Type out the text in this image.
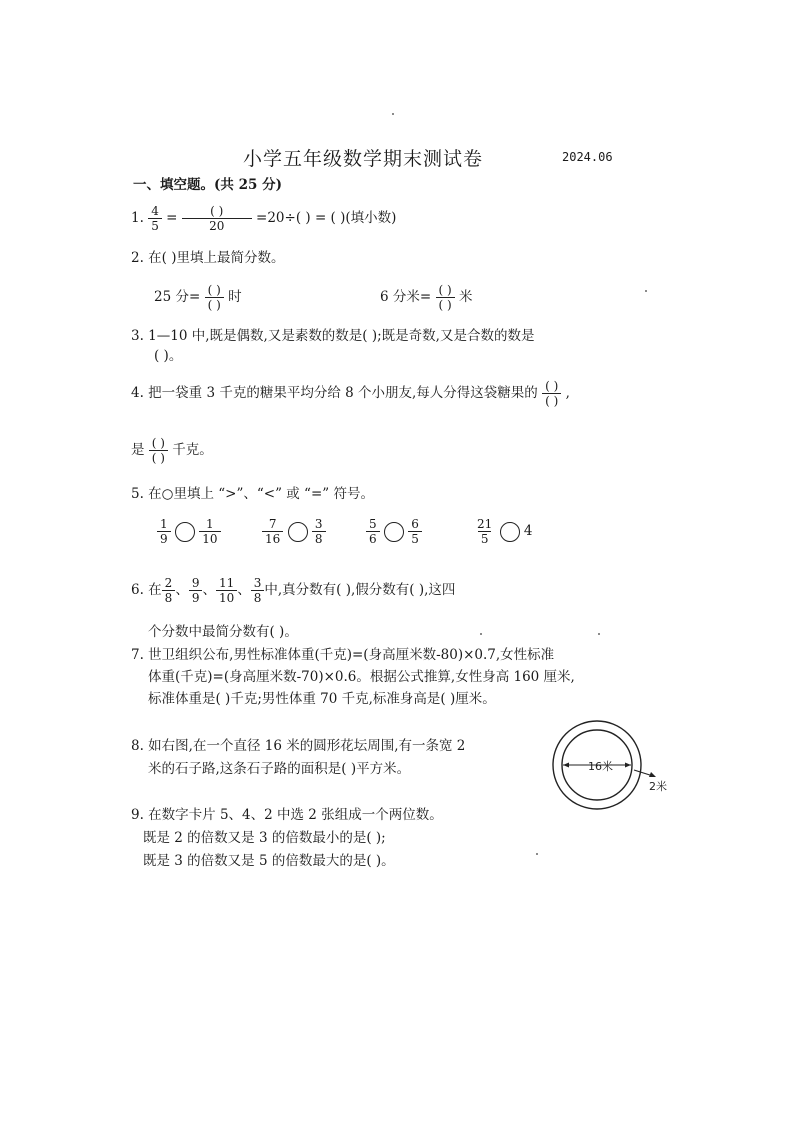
小学五年级数学期末测试卷	2024.06
一、填空题。(共 25 分)
1. $\frac{4}{5} = \frac{( )}{20} =20\div$( ) = ( )(填小数)
2. 在( )里填上最简分数。
25 分= $\frac{( )}{( )}$ 时	6 分米= $\frac{( )}{( )}$ 米
3. 1—10 中,既是偶数,又是素数的数是( );既是奇数,又是合数的数是
( )。
4. 把一袋重 3 千克的糖果平均分给 8 个小朋友,每人分得这袋糖果的 $\frac{( )}{( )}$ ,
是 $\frac{( )}{( )}$ 千克。
5. 在○里填上 “>”、“<” 或 “=” 符号。
$\frac{1}{9}$
$\frac{1}{10}$	$\frac{7}{16}$
$\frac{3}{8}$	$\frac{5}{6}$
$\frac{6}{5}$	$\frac{21}{5} 4$
6. 在 $\frac{2}{8}$ 、 $\frac{9}{9}$ 、 $\frac{11}{10}$ 、 $\frac{3}{8}$ 中,真分数有( ),假分数有( ),这四
个分数中最简分数有( )。
7. 世卫组织公布,男性标准体重(千克)=(身高厘米数-80)×0.7,女性标准
体重(千克)=(身高厘米数-70)×0.6。根据公式推算,女性身高 160 厘米,
标准体重是( )千克;男性体重 70 千克,标准身高是( )厘米。
8. 如右图,在一个直径 16 米的圆形花坛周围,有一条宽 2
米的石子路,这条石子路的面积是( )平方米。	16米
2米
9. 在数字卡片 5、4、2 中选 2 张组成一个两位数。
既是 2 的倍数又是 3 的倍数最小的是( );
既是 3 的倍数又是 5 的倍数最大的是( )。
